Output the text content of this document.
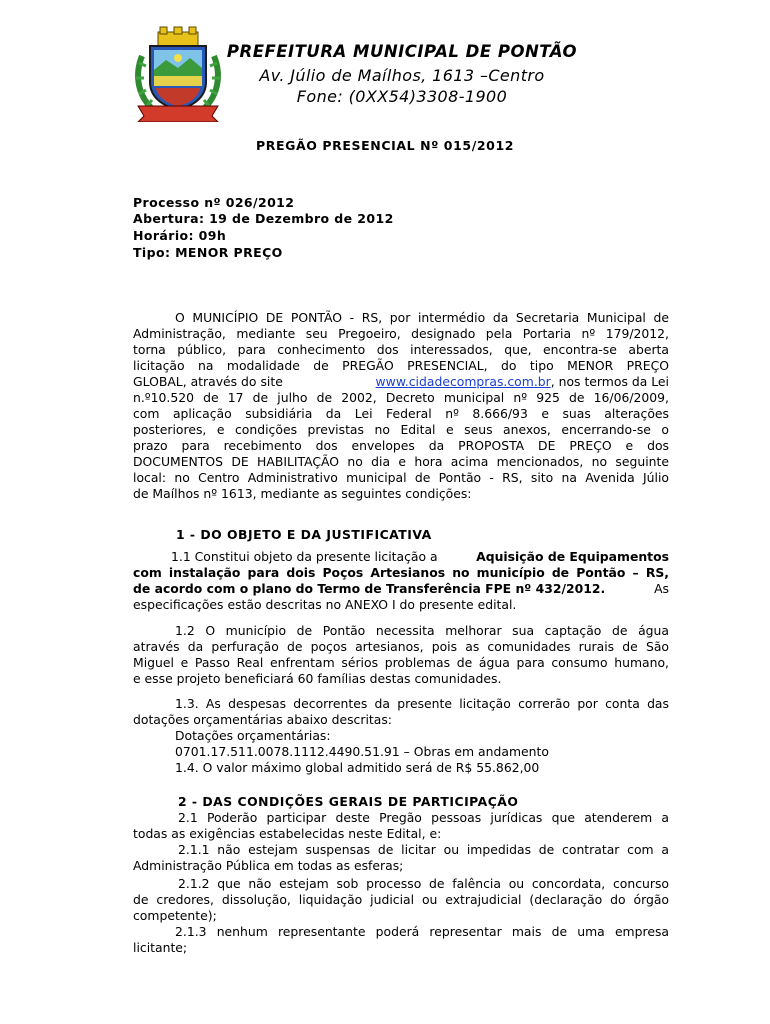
PREFEITURA MUNICIPAL DE PONTÃO
Av. Júlio de Maílhos, 1613 –Centro
Fone: (0XX54)3308-1900
PREGÃO PRESENCIAL Nº 015/2012
Processo nº 026/2012
Abertura: 19 de Dezembro de 2012
Horário: 09h
Tipo: MENOR PREÇO
O MUNICÍPIO DE PONTÃO - RS, por intermédio da Secretaria Municipal de
Administração, mediante seu Pregoeiro, designado pela Portaria nº 179/2012,
torna público, para conhecimento dos interessados, que, encontra-se aberta
licitação na modalidade de PREGÃO PRESENCIAL, do tipo MENOR PREÇO
GLOBAL, através do site	www.cidadecompras.com.br, nos termos da Lei
n.º10.520 de 17 de julho de 2002, Decreto municipal nº 925 de 16/06/2009,
com aplicação subsidiária da Lei Federal nº 8.666/93 e suas alterações
posteriores, e condições previstas no Edital e seus anexos, encerrando-se o
prazo para recebimento dos envelopes da PROPOSTA DE PREÇO e dos
DOCUMENTOS DE HABILITAÇÃO no dia e hora acima mencionados, no seguinte
local: no Centro Administrativo municipal de Pontão - RS, sito na Avenida Júlio
de Maílhos nº 1613, mediante as seguintes condições:
1 - DO OBJETO E DA JUSTIFICATIVA
1.1 Constitui objeto da presente licitação a	Aquisição de Equipamentos
com instalação para dois Poços Artesianos no município de Pontão – RS,
de acordo com o plano do Termo de Transferência FPE nº 432/2012.	As
especificações estão descritas no ANEXO I do presente edital.
1.2 O município de Pontão necessita melhorar sua captação de água
através da perfuração de poços artesianos, pois as comunidades rurais de São
Miguel e Passo Real enfrentam sérios problemas de água para consumo humano,
e esse projeto beneficiará 60 famílias destas comunidades.
1.3. As despesas decorrentes da presente licitação correrão por conta das
dotações orçamentárias abaixo descritas:
Dotações orçamentárias:
0701.17.511.0078.1112.4490.51.91 – Obras em andamento
1.4. O valor máximo global admitido será de R$ 55.862,00
2 - DAS CONDIÇÕES GERAIS DE PARTICIPAÇÃO
2.1 Poderão participar deste Pregão pessoas jurídicas que atenderem a
todas as exigências estabelecidas neste Edital, e:
2.1.1 não estejam suspensas de licitar ou impedidas de contratar com a
Administração Pública em todas as esferas;
2.1.2 que não estejam sob processo de falência ou concordata, concurso
de credores, dissolução, liquidação judicial ou extrajudicial (declaração do órgão
competente);
2.1.3 nenhum representante poderá representar mais de uma empresa
licitante;
